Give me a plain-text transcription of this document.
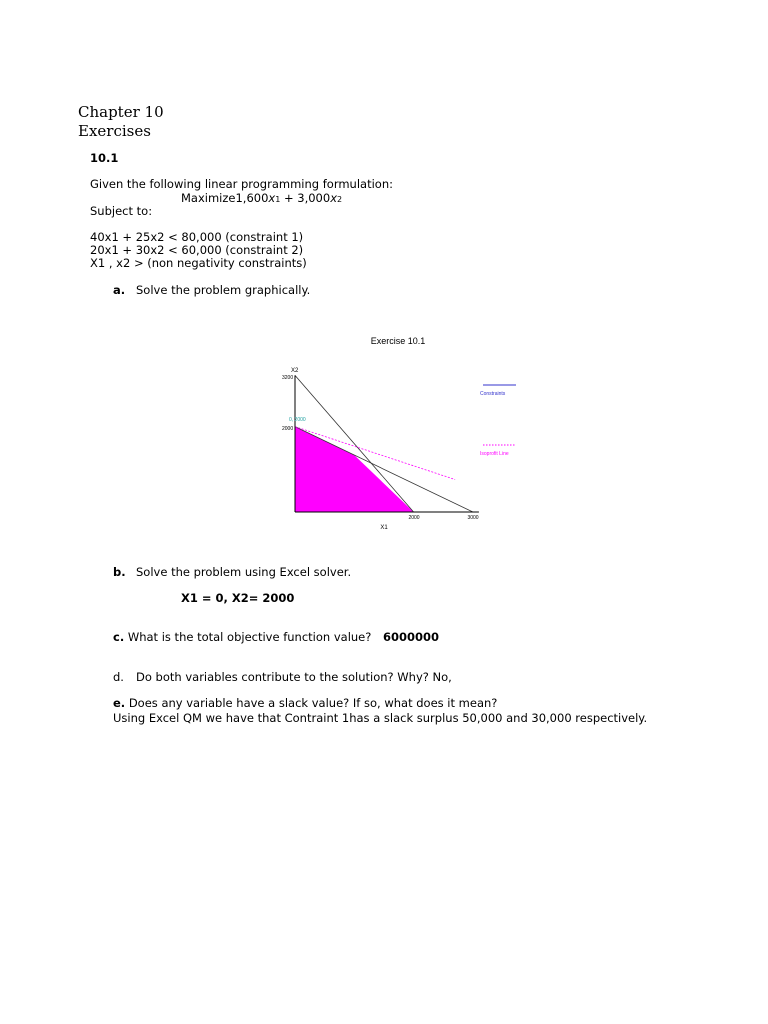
Chapter 10
Exercises
10.1
Given the following linear programming formulation:
Maximize1,600x1 + 3,000x2
Subject to:
40x1 + 25x2 < 80,000 (constraint 1)
20x1 + 30x2 < 60,000 (constraint 2)
X1 , x2 > (non negativity constraints)
a. Solve the problem graphically.
Exercise 10.1
X2
X1
3200
2000
2000	3000
0, 2000
Constraints
Isoprofit Line
b. Solve the problem using Excel solver.
X1 = 0, X2= 2000
c. What is the total objective function value? 6000000
d. Do both variables contribute to the solution? Why? No,
e. Does any variable have a slack value? If so, what does it mean?
Using Excel QM we have that Contraint 1has a slack surplus 50,000 and 30,000 respectively.
